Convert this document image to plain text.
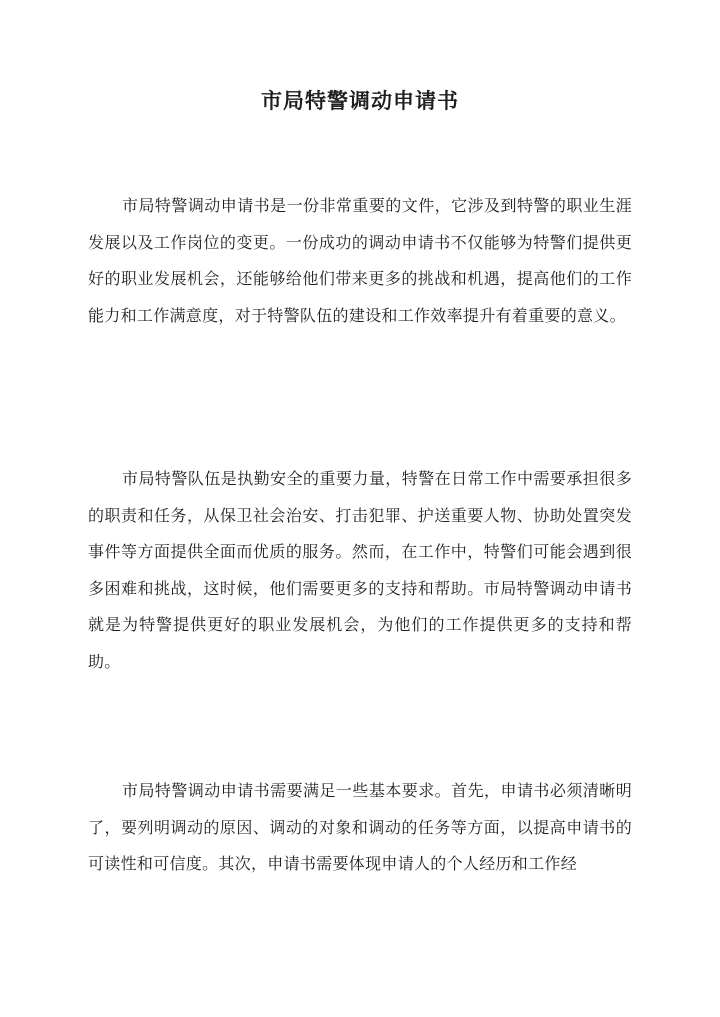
市局特警调动申请书

市局特警调动申请书是一份非常重要的文件，它涉及到特警的职业生涯发展以及工作岗位的变更。一份成功的调动申请书不仅能够为特警们提供更好的职业发展机会，还能够给他们带来更多的挑战和机遇，提高他们的工作能力和工作满意度，对于特警队伍的建设和工作效率提升有着重要的意义。

市局特警队伍是执勤安全的重要力量，特警在日常工作中需要承担很多的职责和任务，从保卫社会治安、打击犯罪、护送重要人物、协助处置突发事件等方面提供全面而优质的服务。然而，在工作中，特警们可能会遇到很多困难和挑战，这时候，他们需要更多的支持和帮助。市局特警调动申请书就是为特警提供更好的职业发展机会，为他们的工作提供更多的支持和帮助。

市局特警调动申请书需要满足一些基本要求。首先，申请书必须清晰明了，要列明调动的原因、调动的对象和调动的任务等方面，以提高申请书的可读性和可信度。其次，申请书需要体现申请人的个人经历和工作经
